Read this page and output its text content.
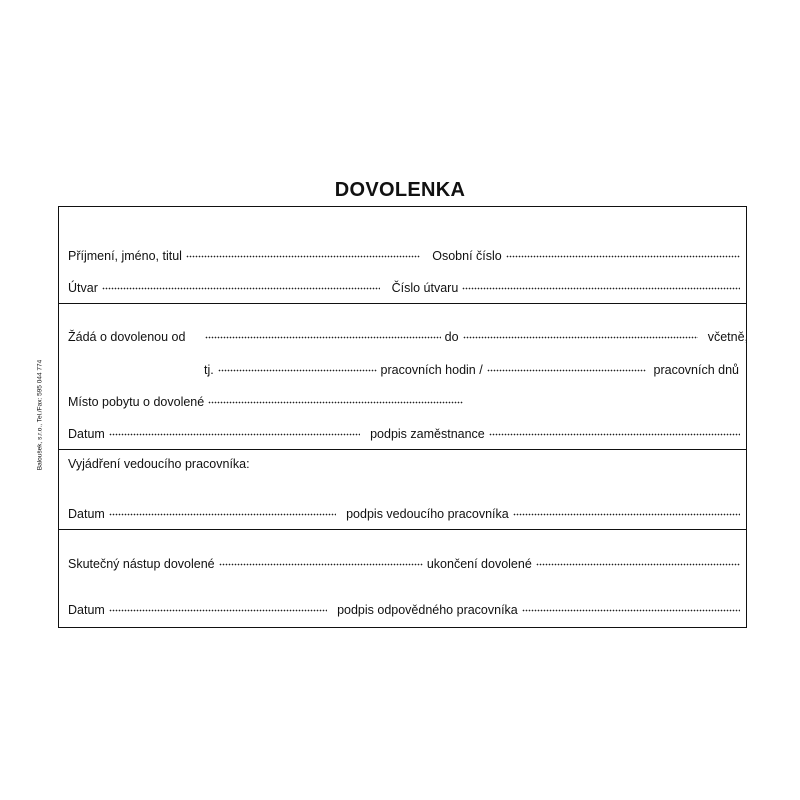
DOVOLENKA
Baloušek, s.r.o., Tel./Fax: 595 044 774
Příjmení, jméno, titul	Osobní číslo
Útvar	Číslo útvaru
Žádá o dovolenou od	do	včetně,
tj.	pracovních hodin /	pracovních dnů
Místo pobytu o dovolené
Datum	podpis zaměstnance
Vyjádření vedoucího pracovníka:
Datum	podpis vedoucího pracovníka
Skutečný nástup dovolené	ukončení dovolené
Datum	podpis odpovědného pracovníka
